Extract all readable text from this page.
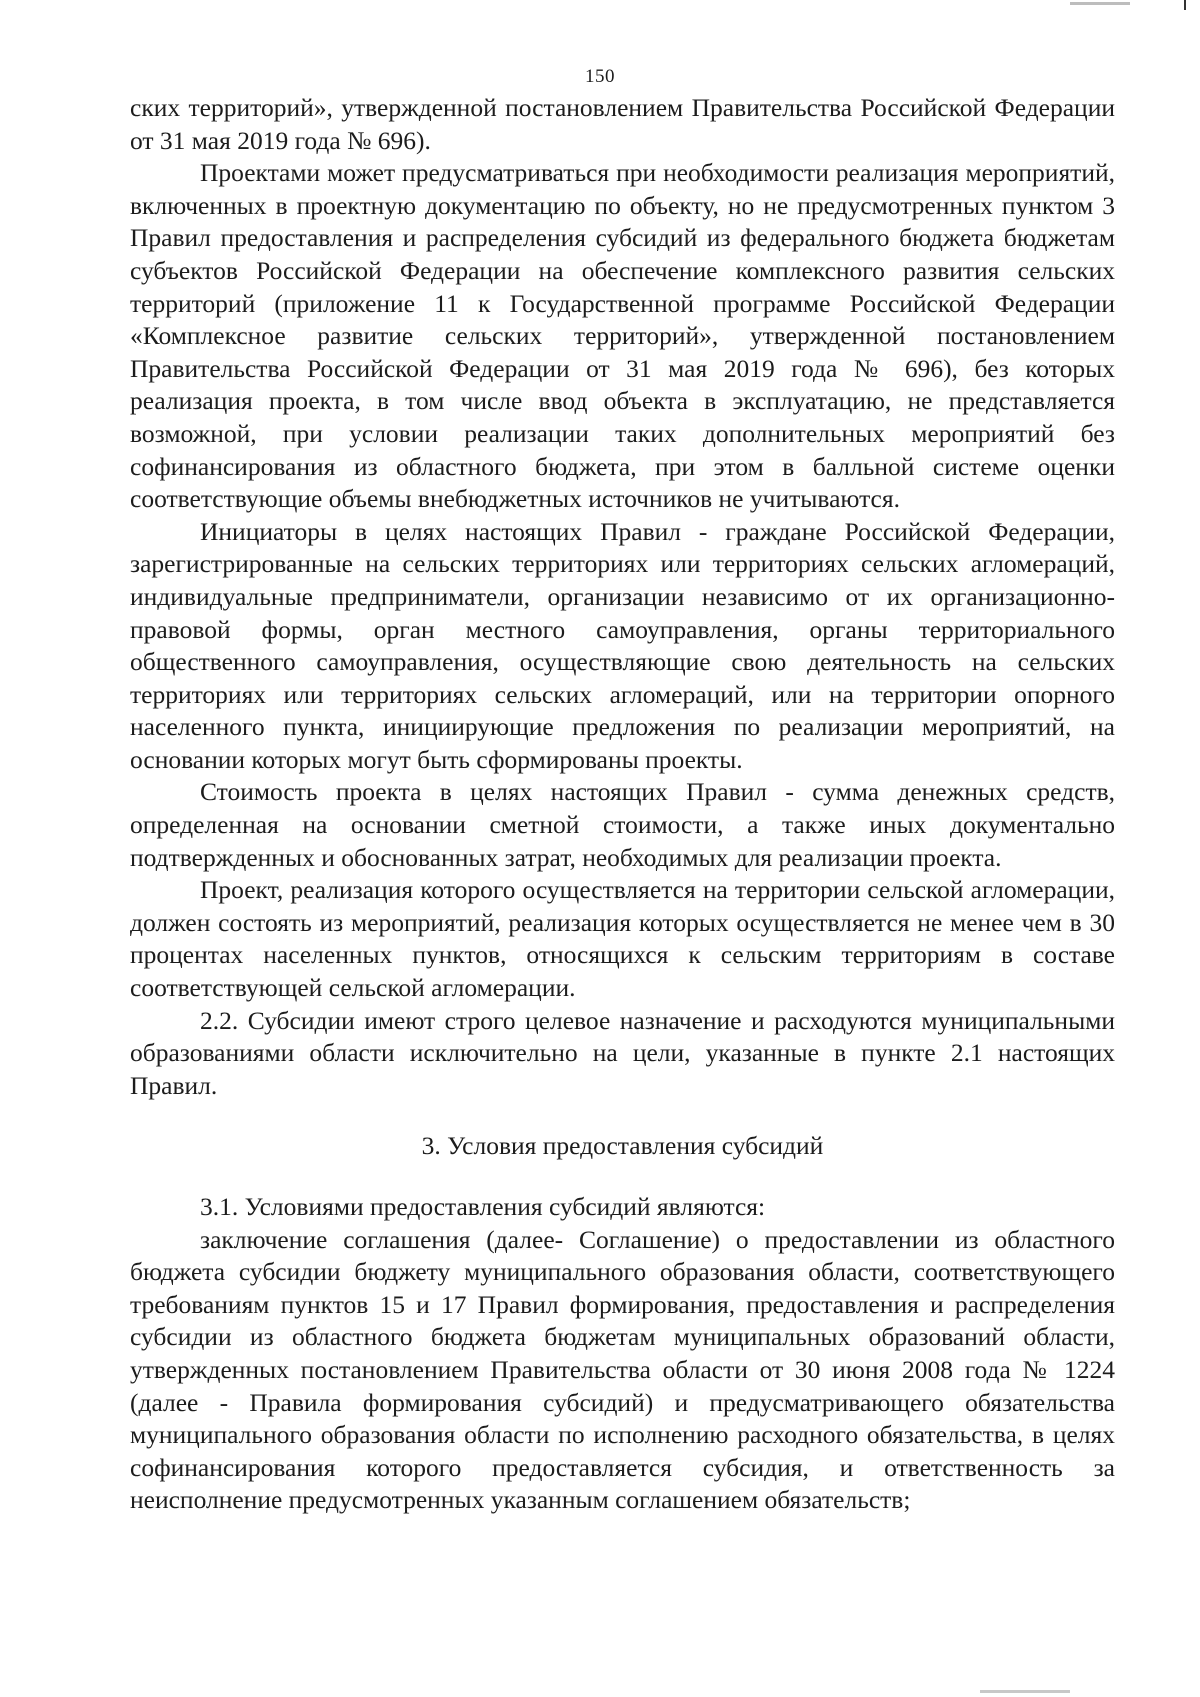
150

ских территорий», утвержденной постановлением Правительства Российской Федерации от 31 мая 2019 года № 696).

Проектами может предусматриваться при необходимости реализация мероприятий, включенных в проектную документацию по объекту, но не предусмотренных пунктом 3 Правил предоставления и распределения субсидий из федерального бюджета бюджетам субъектов Российской Федерации на обеспечение комплексного развития сельских территорий (приложение 11 к Государственной программе Российской Федерации «Комплексное развитие сельских территорий», утвержденной постановлением Правительства Российской Федерации от 31 мая 2019 года № 696), без которых реализация проекта, в том числе ввод объекта в эксплуатацию, не представляется возможной, при условии реализации таких дополнительных мероприятий без софинансирования из областного бюджета, при этом в балльной системе оценки соответствующие объемы внебюджетных источников не учитываются.

Инициаторы в целях настоящих Правил - граждане Российской Федерации, зарегистрированные на сельских территориях или территориях сельских агломераций, индивидуальные предприниматели, организации независимо от их организационно-правовой формы, орган местного самоуправления, органы территориального общественного самоуправления, осуществляющие свою деятельность на сельских территориях или территориях сельских агломераций, или на территории опорного населенного пункта, инициирующие предложения по реализации мероприятий, на основании которых могут быть сформированы проекты.

Стоимость проекта в целях настоящих Правил - сумма денежных средств, определенная на основании сметной стоимости, а также иных документально подтвержденных и обоснованных затрат, необходимых для реализации проекта.

Проект, реализация которого осуществляется на территории сельской агломерации, должен состоять из мероприятий, реализация которых осуществляется не менее чем в 30 процентах населенных пунктов, относящихся к сельским территориям в составе соответствующей сельской агломерации.

2.2. Субсидии имеют строго целевое назначение и расходуются муниципальными образованиями области исключительно на цели, указанные в пункте 2.1 настоящих Правил.

3. Условия предоставления субсидий

3.1. Условиями предоставления субсидий являются:

заключение соглашения (далее- Соглашение) о предоставлении из областного бюджета субсидии бюджету муниципального образования области, соответствующего требованиям пунктов 15 и 17 Правил формирования, предоставления и распределения субсидии из областного бюджета бюджетам муниципальных образований области, утвержденных постановлением Правительства области от 30 июня 2008 года № 1224 (далее - Правила формирования субсидий) и предусматривающего обязательства муниципального образования области по исполнению расходного обязательства, в целях софинансирования которого предоставляется субсидия, и ответственность за неисполнение предусмотренных указанным соглашением обязательств;
